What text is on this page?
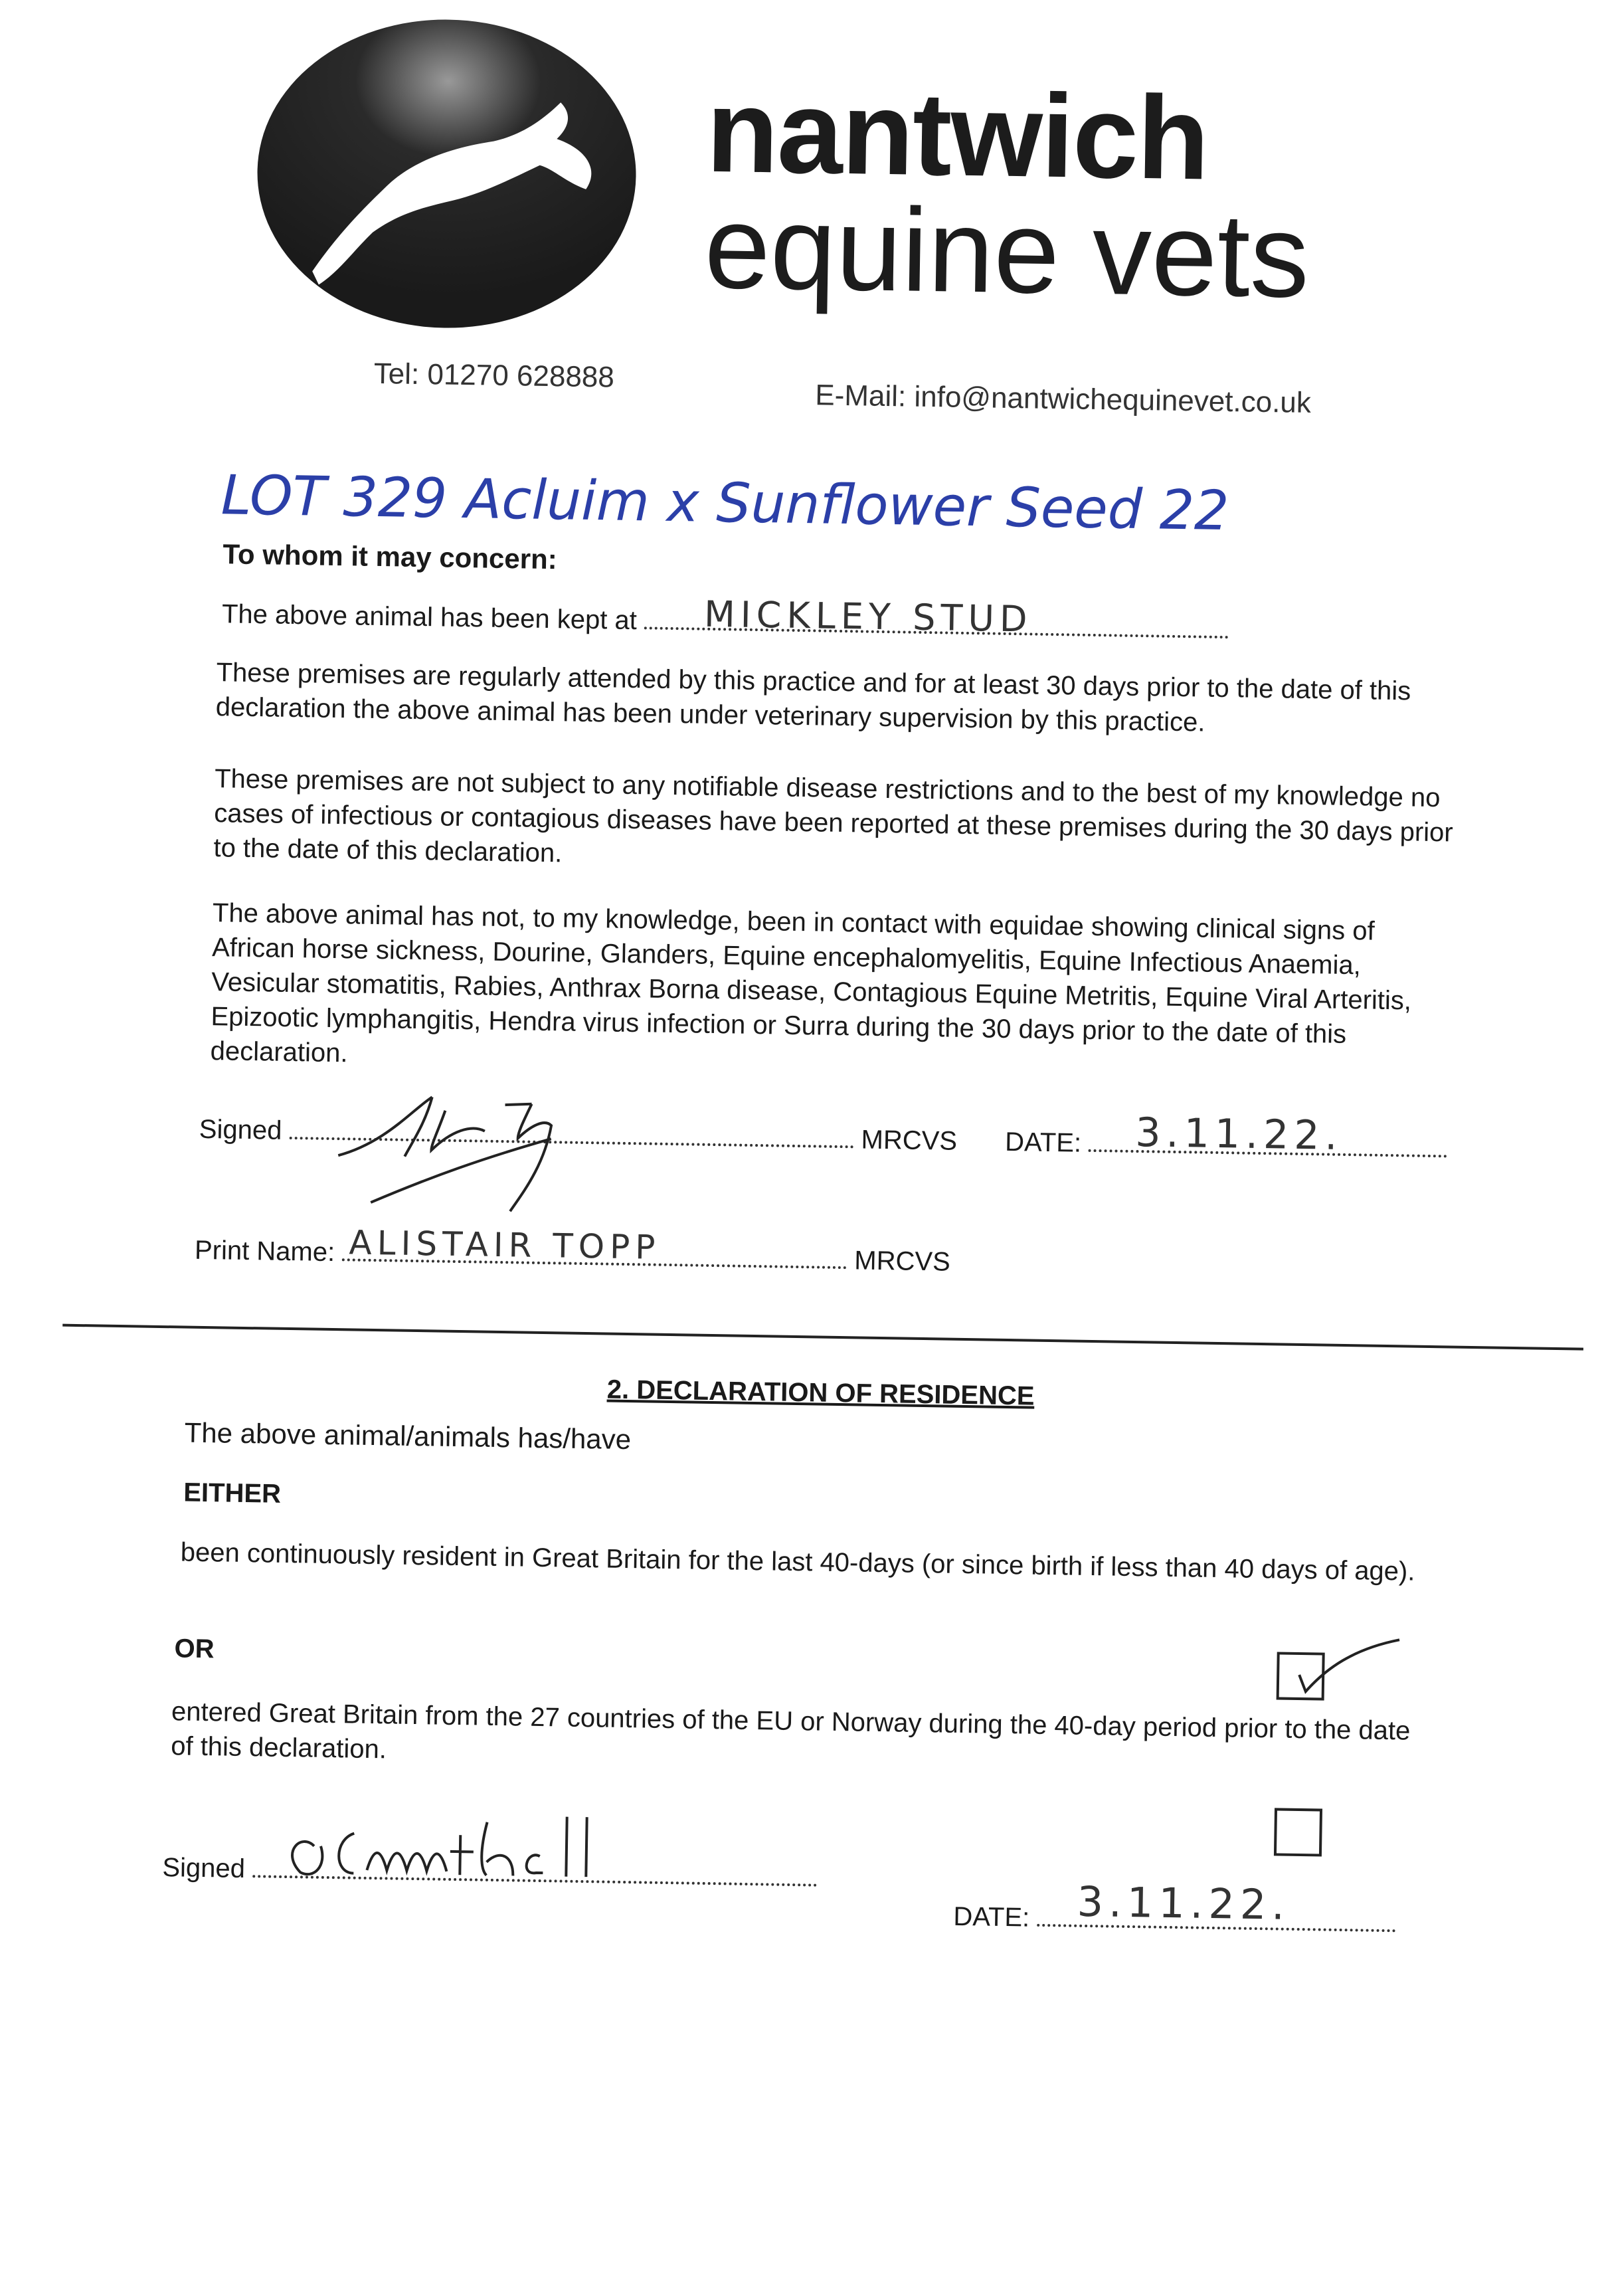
nantwich
equine vets
Tel: 01270 628888
E-Mail: info@nantwichequinevet.co.uk
LOT 329 Acluim x Sunflower Seed 22
To whom it may concern:
The above animal has been kept at MICKLEY STUD
These premises are regularly attended by this practice and for at least 30 days prior to the date of this declaration the above animal has been under veterinary supervision by this practice.
These premises are not subject to any notifiable disease restrictions and to the best of my knowledge no cases of infectious or contagious diseases have been reported at these premises during the 30 days prior to the date of this declaration.
The above animal has not, to my knowledge, been in contact with equidae showing clinical signs of African horse sickness, Dourine, Glanders, Equine encephalomyelitis, Equine Infectious Anaemia, Vesicular stomatitis, Rabies, Anthrax Borna disease, Contagious Equine Metritis, Equine Viral Arteritis, Epizootic lymphangitis, Hendra virus infection or Surra during the 30 days prior to the date of this declaration.
Signed	MRCVS DATE: 3.11.22.
Print Name: ALISTAIR TOPP	MRCVS
2. DECLARATION OF RESIDENCE
The above animal/animals has/have
EITHER
been continuously resident in Great Britain for the last 40-days (or since birth if less than 40 days of age).
OR
entered Great Britain from the 27 countries of the EU or Norway during the 40-day period prior to the date of this declaration.
Signed
DATE: 3.11.22.
